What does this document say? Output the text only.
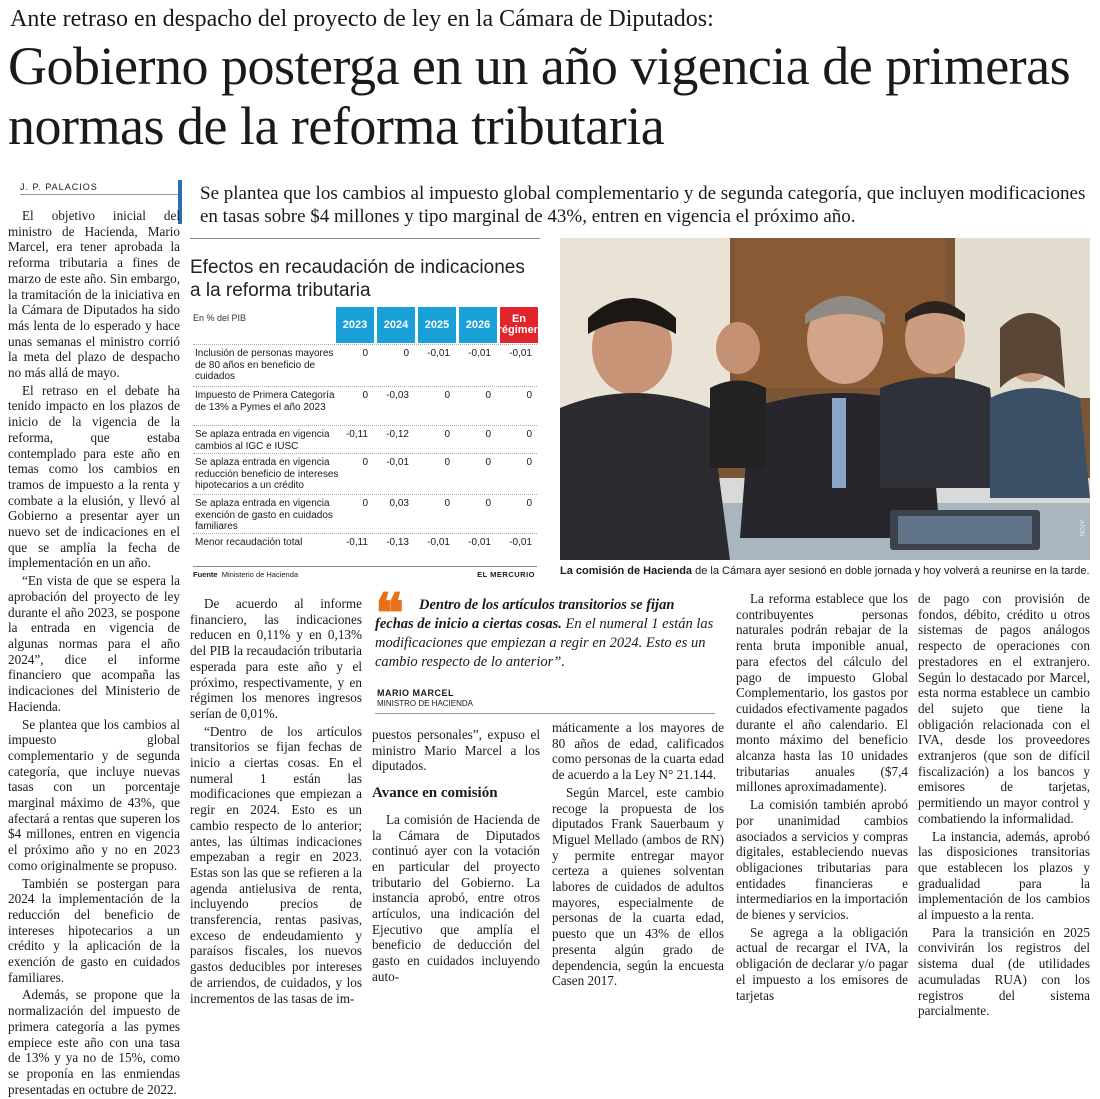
Ante retraso en despacho del proyecto de ley en la Cámara de Diputados:
Gobierno posterga en un año vigencia de primeras normas de la reforma tributaria
J. P. PALACIOS	Se plantea que los cambios al impuesto global complementario y de segunda categoría, que incluyen modificaciones en tasas sobre $4 millones y tipo marginal de 43%, entren en vigencia el próximo año.

El objetivo inicial del ministro de Hacienda, Mario Marcel, era tener aprobada la reforma tributaria a fines de marzo de este año. Sin embargo, la tramitación de la iniciativa en la Cámara de Diputados ha sido más lenta de lo esperado y hace unas semanas el ministro corrió la meta del plazo de despacho no más allá de mayo.

El retraso en el debate ha tenido impacto en los plazos de inicio de la vigencia de la reforma, que estaba contemplado para este año en temas como los cambios en tramos de impuesto a la renta y combate a la elusión, y llevó al Gobierno a presentar ayer un nuevo set de indicaciones en el que se amplía la fecha de implementación en un año.

“En vista de que se espera la aprobación del proyecto de ley durante el año 2023, se pospone la entrada en vigencia de algunas normas para el año 2024”, dice el informe financiero que acompaña las indicaciones del Ministerio de Hacienda.

Se plantea que los cambios al impuesto global complementario y de segunda categoría, que incluye nuevas tasas con un porcentaje marginal máximo de 43%, que afectará a rentas que superen los $4 millones, entren en vigencia el próximo año y no en 2023 como originalmente se propuso.

También se postergan para 2024 la implementación de la reducción del beneficio de intereses hipotecarios a un crédito y la aplicación de la exención de gasto en cuidados familiares.

Además, se propone que la normalización del impuesto de primera categoría a las pymes empiece este año con una tasa de 13% y ya no de 15%, como se proponía en las enmiendas presentadas en octubre de 2022.

Efectos en recaudación de indicaciones a la reforma tributaria
En % del PIB
2023	2024	2025	2026	En régimen
Inclusión de personas mayores de 80 años en beneficio de cuidados
0	0	-0,01	-0,01	-0,01
Impuesto de Primera Categoría de 13% a Pymes el año 2023
0	-0,03	0	0	0
Se aplaza entrada en vigencia cambios al IGC e IUSC
-0,11	-0,12	0	0	0
Se aplaza entrada en vigencia reducción beneficio de intereses hipotecarios a un crédito
0	-0,01	0	0	0
Se aplaza entrada en vigencia exención de gasto en cuidados familiares
0	0,03	0	0	0
Menor recaudación total	-0,11	-0,13	-0,01	-0,01	-0,01
Fuente Ministerio de Hacienda	EL MERCURIO
ATON
La comisión de Hacienda de la Cámara ayer sesionó en doble jornada y hoy volverá a reunirse en la tarde.

De acuerdo al informe financiero, las indicaciones reducen en 0,11% y en 0,13% del PIB la recaudación tributaria esperada para este año y el próximo, respectivamente, y en régimen los menores ingresos serían de 0,01%.

“Dentro de los artículos transitorios se fijan fechas de inicio a ciertas cosas. En el numeral 1 están las modificaciones que empiezan a regir en 2024. Esto es un cambio respecto de lo anterior; antes, las últimas indicaciones empezaban a regir en 2023. Estas son las que se refieren a la agenda antielusiva de renta, incluyendo precios de transferencia, rentas pasivas, exceso de endeudamiento y paraísos fiscales, los nuevos gastos deducibles por intereses de arriendos, de cuidados, y los incrementos de las tasas de im-

❝	Dentro de los artículos transitorios se fijan fechas de inicio a ciertas cosas. En el numeral 1 están las modificaciones que empiezan a regir en 2024. Esto es un cambio respecto de lo anterior”.
MARIO MARCEL
MINISTRO DE HACIENDA

puestos personales”, expuso el ministro Mario Marcel a los diputados.

Avance en comisión

La comisión de Hacienda de la Cámara de Diputados continuó ayer con la votación en particular del proyecto tributario del Gobierno. La instancia aprobó, entre otros artículos, una indicación del Ejecutivo que amplía el beneficio de deducción del gasto en cuidados incluyendo auto-

máticamente a los mayores de 80 años de edad, calificados como personas de la cuarta edad de acuerdo a la Ley N° 21.144.

Según Marcel, este cambio recoge la propuesta de los diputados Frank Sauerbaum y Miguel Mellado (ambos de RN) y permite entregar mayor certeza a quienes solventan labores de cuidados de adultos mayores, especialmente de personas de la cuarta edad, puesto que un 43% de ellos presenta algún grado de dependencia, según la encuesta Casen 2017.

La reforma establece que los contribuyentes personas naturales podrán rebajar de la renta bruta imponible anual, para efectos del cálculo del pago de impuesto Global Complementario, los gastos por cuidados efectivamente pagados durante el año calendario. El monto máximo del beneficio alcanza hasta las 10 unidades tributarias anuales ($7,4 millones aproximadamente).

La comisión también aprobó por unanimidad cambios asociados a servicios y compras digitales, estableciendo nuevas obligaciones tributarias para entidades financieras e intermediarios en la importación de bienes y servicios.

Se agrega a la obligación actual de recargar el IVA, la obligación de declarar y/o pagar el impuesto a los emisores de tarjetas

de pago con provisión de fondos, débito, crédito u otros sistemas de pagos análogos respecto de operaciones con prestadores en el extranjero. Según lo destacado por Marcel, esta norma establece un cambio del sujeto que tiene la obligación relacionada con el IVA, desde los proveedores extranjeros (que son de difícil fiscalización) a los bancos y emisores de tarjetas, permitiendo un mayor control y combatiendo la informalidad.

La instancia, además, aprobó las disposiciones transitorias que establecen los plazos y gradualidad para la implementación de los cambios al impuesto a la renta.

Para la transición en 2025 convivirán los registros del sistema dual (de utilidades acumuladas RUA) con los registros del sistema parcialmente.
